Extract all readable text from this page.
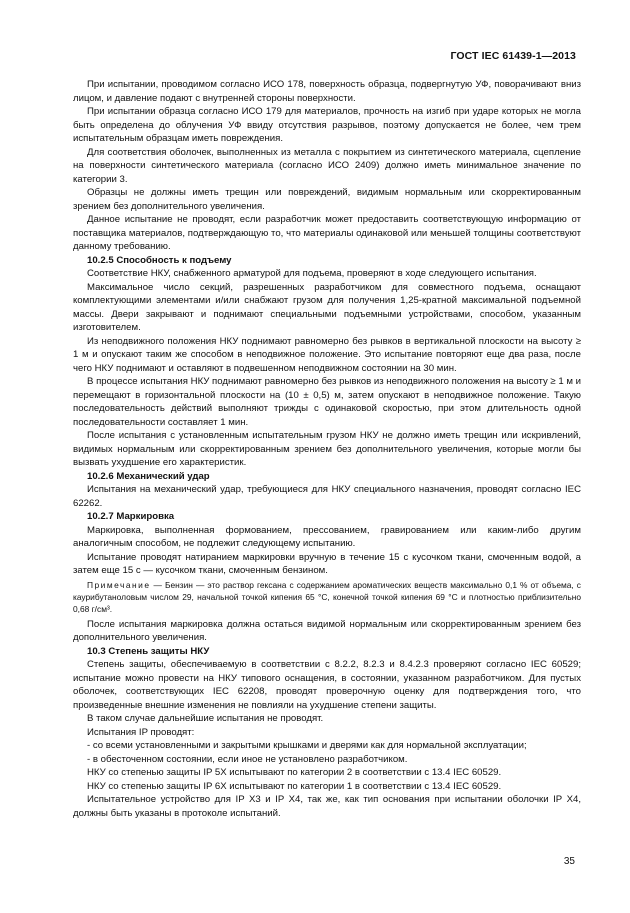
ГОСТ IEC 61439-1—2013

При испытании, проводимом согласно ИСО 178, поверхность образца, подвергнутую УФ, поворачивают вниз лицом, и давление подают с внутренней стороны поверхности.

При испытании образца согласно ИСО 179 для материалов, прочность на изгиб при ударе которых не могла быть определена до облучения УФ ввиду отсутствия разрывов, поэтому допускается не более, чем трем испытательным образцам иметь повреждения.

Для соответствия оболочек, выполненных из металла с покрытием из синтетического материала, сцепление на поверхности синтетического материала (согласно ИСО 2409) должно иметь минимальное значение по категории 3.

Образцы не должны иметь трещин или повреждений, видимым нормальным или скорректированным зрением без дополнительного увеличения.

Данное испытание не проводят, если разработчик может предоставить соответствующую информацию от поставщика материалов, подтверждающую то, что материалы одинаковой или меньшей толщины соответствуют данному требованию.

10.2.5 Способность к подъему

Соответствие НКУ, снабженного арматурой для подъема, проверяют в ходе следующего испытания.

Максимальное число секций, разрешенных разработчиком для совместного подъема, оснащают комплектующими элементами и/или снабжают грузом для получения 1,25-кратной максимальной подъемной массы. Двери закрывают и поднимают специальными подъемными устройствами, способом, указанным изготовителем.

Из неподвижного положения НКУ поднимают равномерно без рывков в вертикальной плоскости на высоту ≥ 1 м и опускают таким же способом в неподвижное положение. Это испытание повторяют еще два раза, после чего НКУ поднимают и оставляют в подвешенном неподвижном состоянии на 30 мин.

В процессе испытания НКУ поднимают равномерно без рывков из неподвижного положения на высоту ≥ 1 м и перемещают в горизонтальной плоскости на (10 ± 0,5) м, затем опускают в неподвижное положение. Такую последовательность действий выполняют трижды с одинаковой скоростью, при этом длительность одной последовательности составляет 1 мин.

После испытания с установленным испытательным грузом НКУ не должно иметь трещин или искривлений, видимых нормальным или скорректированным зрением без дополнительного увеличения, которые могли бы вызвать ухудшение его характеристик.

10.2.6 Механический удар

Испытания на механический удар, требующиеся для НКУ специального назначения, проводят согласно IEC 62262.

10.2.7 Маркировка

Маркировка, выполненная формованием, прессованием, гравированием или каким-либо другим аналогичным способом, не подлежит следующему испытанию.

Испытание проводят натиранием маркировки вручную в течение 15 с кусочком ткани, смоченным водой, а затем еще 15 с — кусочком ткани, смоченным бензином.

Примечание — Бензин — это раствор гексана с содержанием ароматических веществ максимально 0,1 % от объема, с каурибутаноловым числом 29, начальной точкой кипения 65 °С, конечной точкой кипения 69 °С и плотностью приблизительно 0,68 г/см³.

После испытания маркировка должна остаться видимой нормальным или скорректированным зрением без дополнительного увеличения.

10.3 Степень защиты НКУ

Степень защиты, обеспечиваемую в соответствии с 8.2.2, 8.2.3 и 8.4.2.3 проверяют согласно IEC 60529; испытание можно провести на НКУ типового оснащения, в состоянии, указанном разработчиком. Для пустых оболочек, соответствующих IEC 62208, проводят проверочную оценку для подтверждения того, что произведенные внешние изменения не повлияли на ухудшение степени защиты.

В таком случае дальнейшие испытания не проводят.

Испытания IP проводят:

- со всеми установленными и закрытыми крышками и дверями как для нормальной эксплуатации;

- в обесточенном состоянии, если иное не установлено разработчиком.

НКУ со степенью защиты IP 5X испытывают по категории 2 в соответствии с 13.4 IEC 60529.

НКУ со степенью защиты IP 6X испытывают по категории 1 в соответствии с 13.4 IEC 60529.

Испытательное устройство для IP X3 и IP X4, так же, как тип основания при испытании оболочки IP X4, должны быть указаны в протоколе испытаний.

35
